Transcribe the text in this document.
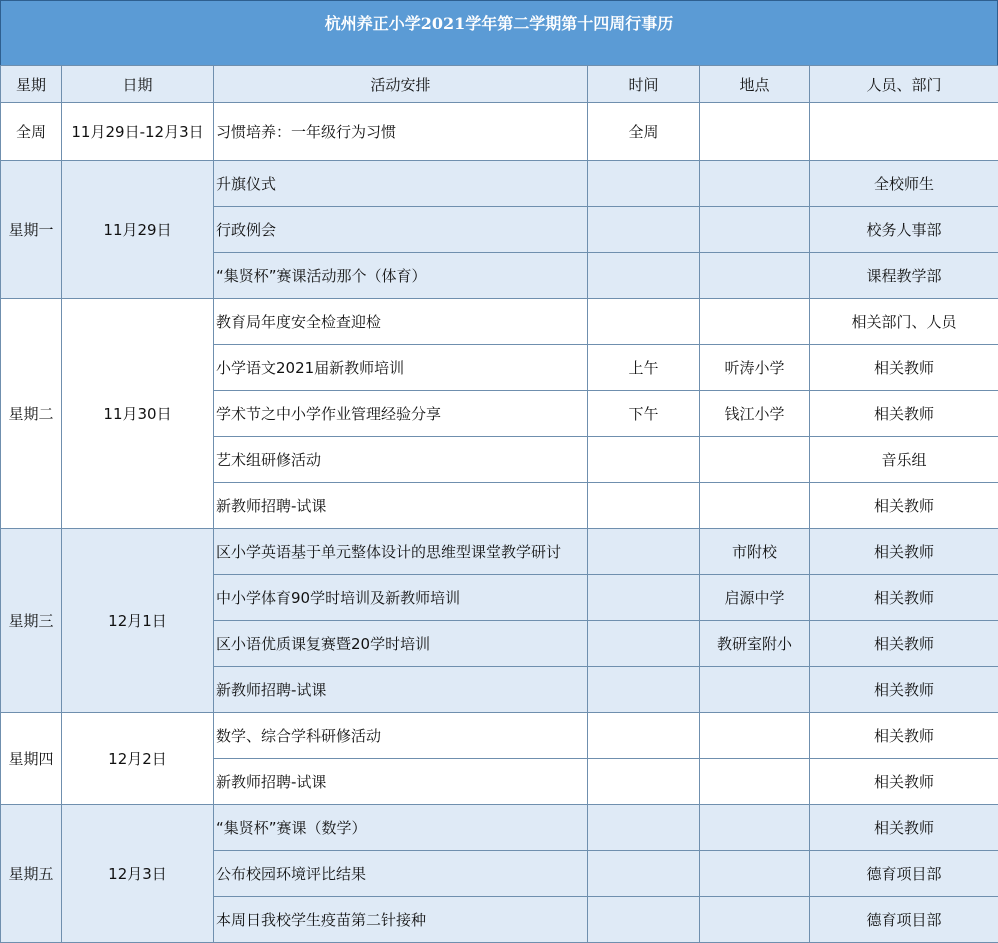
杭州养正小学2021学年第二学期第十四周行事历
星期	日期	活动安排	时间	地点	人员、部门
全周	11月29日-12月3日	习惯培养：一年级行为习惯	全周		
星期一	11月29日	升旗仪式			全校师生
		行政例会			校务人事部
		“集贤杯”赛课活动那个（体育）			课程教学部
星期二	11月30日	教育局年度安全检查迎检			相关部门、人员
		小学语文2021届新教师培训	上午	听涛小学	相关教师
		学术节之中小学作业管理经验分享	下午	钱江小学	相关教师
		艺术组研修活动			音乐组
		新教师招聘-试课			相关教师
星期三	12月1日	区小学英语基于单元整体设计的思维型课堂教学研讨		市附校	相关教师
		中小学体育90学时培训及新教师培训		启源中学	相关教师
		区小语优质课复赛暨20学时培训		教研室附小	相关教师
		新教师招聘-试课			相关教师
星期四	12月2日	数学、综合学科研修活动			相关教师
		新教师招聘-试课			相关教师
星期五	12月3日	“集贤杯”赛课（数学）			相关教师
		公布校园环境评比结果			德育项目部
		本周日我校学生疫苗第二针接种			德育项目部
